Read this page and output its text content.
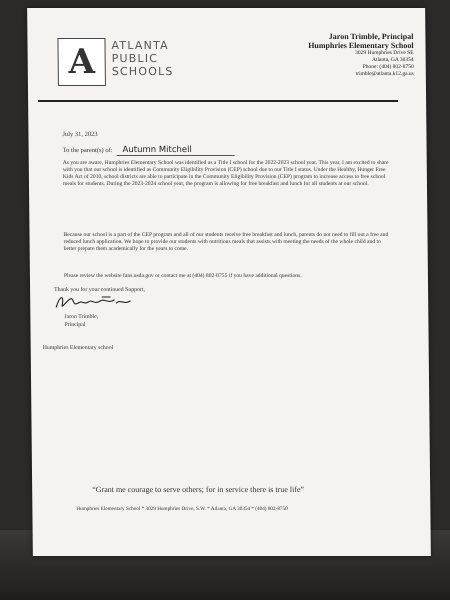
A ATLANTA
PUBLIC
SCHOOLS
Jaron Trimble, Principal
Humphries Elementary School
3029 Humphries Drive SE
Atlanta, GA 30354
Phone: (404) 802-8750
trimble@atlanta.k12.ga.us
July 31, 2023
To the parent(s) of: Autumn Mitchell
As you are aware, Humphries Elementary School was identified as a Title I school for the 2022-2023 school year. This year, I am excited to share with you that our school is identified as Community Eligibility Provision (CEP) school due to our Title I status. Under the Healthy, Hunger Free Kids Act of 2010, school districts are able to participate in the Community Eligibility Provision (CEP) program to increase access to free school meals for students. During the 2023-2024 school year, the program is allowing for free breakfast and lunch for all students at our school.
Because our school is a part of the CEP program and all of our students receive free breakfast and lunch, parents do not need to fill out a free and reduced lunch application. We hope to provide our students with nutritious meals that assists with meeting the needs of the whole child and to better prepare them academically for the years to come.
Please review the website fans.usda.gov or contact me at (404) 802-8755 if you have additional questions.
Thank you for your continued Support,
Jaron Trimble,
Principal
Humphries Elementary school
“Grant me courage to serve others; for in service there is true life”
Humphries Elementary School * 3029 Humphries Drive, S.W. * Atlanta, GA 30354 * (404) 802-8750
